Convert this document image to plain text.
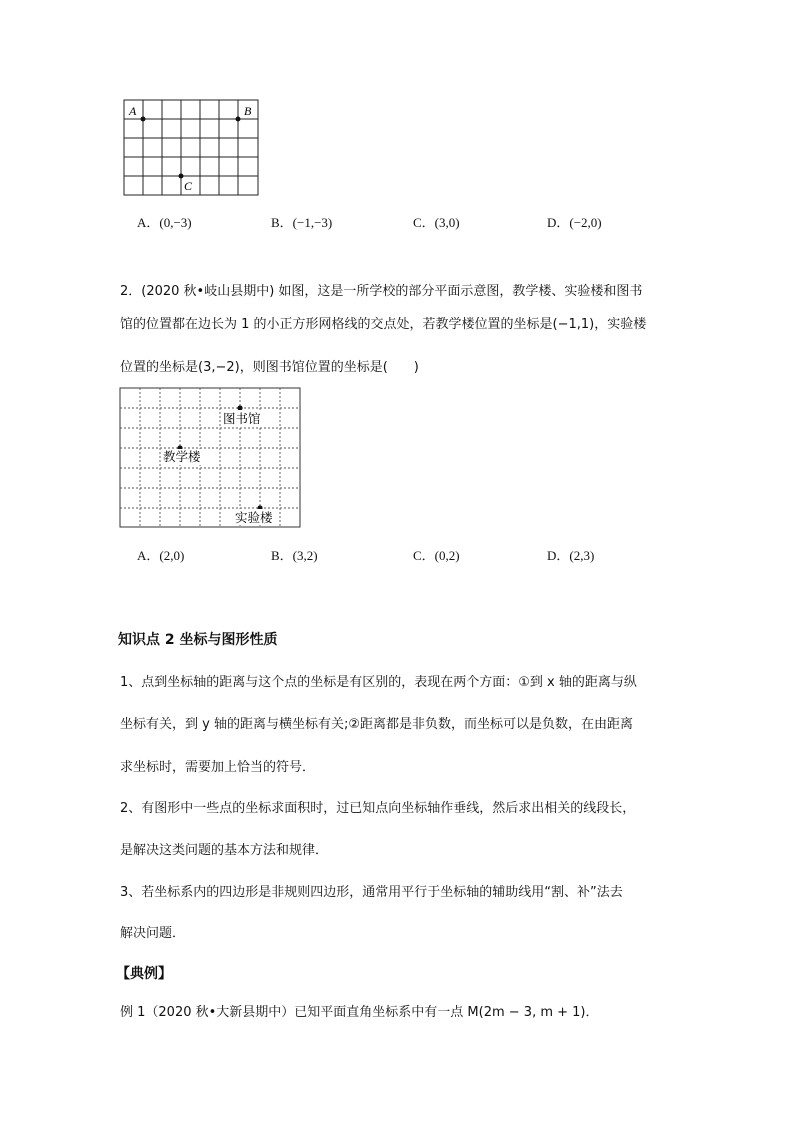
A	B
C
A．(0,−3)	B．(−1,−3)	C．(3,0)	D．(−2,0)
2．(2020 秋•岐山县期中) 如图，这是一所学校的部分平面示意图，教学楼、实验楼和图书
馆的位置都在边长为 1 的小正方形网格线的交点处，若教学楼位置的坐标是(−1,1)，实验楼
位置的坐标是(3,−2)，则图书馆位置的坐标是(　　)
图书馆
教学楼
实验楼
A．(2,0)	B．(3,2)	C．(0,2)	D．(2,3)
知识点 2 坐标与图形性质
1、点到坐标轴的距离与这个点的坐标是有区别的，表现在两个方面：①到 x 轴的距离与纵
坐标有关，到 y 轴的距离与横坐标有关;②距离都是非负数，而坐标可以是负数，在由距离
求坐标时，需要加上恰当的符号．
2、有图形中一些点的坐标求面积时，过已知点向坐标轴作垂线，然后求出相关的线段长，
是解决这类问题的基本方法和规律．
3、若坐标系内的四边形是非规则四边形，通常用平行于坐标轴的辅助线用“割、补”法去
解决问题．
【典例】
例 1（2020 秋•大新县期中）已知平面直角坐标系中有一点 M(2m − 3, m + 1)．
